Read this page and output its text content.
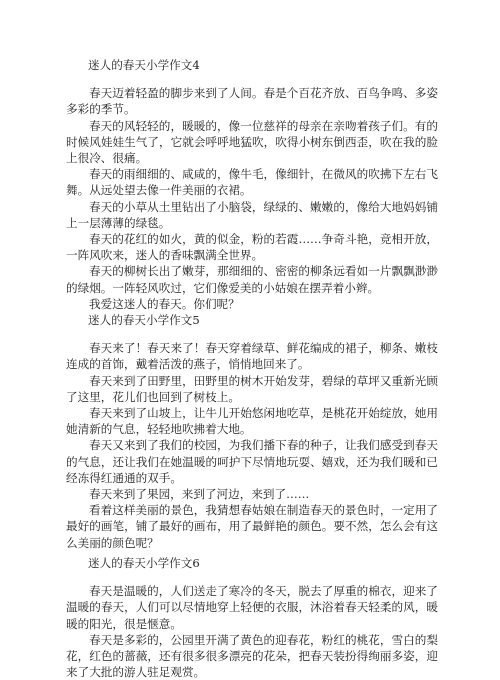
迷人的春天小学作文4

春天迈着轻盈的脚步来到了人间。春是个百花齐放、百鸟争鸣、多姿多彩的季节。

春天的风轻轻的，暖暖的，像一位慈祥的母亲在亲吻着孩子们。有的时候风娃娃生气了，它就会呼呼地猛吹，吹得小树东倒西歪，吹在我的脸上很冷、很痛。

春天的雨细细的、咸咸的，像牛毛，像细针，在微风的吹拂下左右飞舞。从远处望去像一件美丽的衣裙。

春天的小草从土里钻出了小脑袋，绿绿的、嫩嫩的，像给大地妈妈铺上一层薄薄的绿毯。

春天的花红的如火，黄的似金，粉的若霞……争奇斗艳，竞相开放，一阵风吹来，迷人的香味飘满全世界。

春天的柳树长出了嫩芽，那细细的、密密的柳条远看如一片飘飘渺渺的绿烟。一阵轻风吹过，它们像爱美的小姑娘在摆弄着小辫。

我爱这迷人的春天。你们呢？

迷人的春天小学作文5

春天来了！春天来了！春天穿着绿草、鲜花编成的裙子，柳条、嫩枝连成的首饰，戴着活泼的燕子，悄悄地回来了。

春天来到了田野里，田野里的树木开始发芽，碧绿的草坪又重新光顾了这里，花儿们也回到了树枝上。

春天来到了山坡上，让牛儿开始悠闲地吃草，是桃花开始绽放，她用她清新的气息，轻轻地吹拂着大地。

春天又来到了我们的校园，为我们播下春的种子，让我们感受到春天的气息，还让我们在她温暖的呵护下尽情地玩耍、嬉戏，还为我们暖和已经冻得红通通的双手。

春天来到了果园，来到了河边，来到了……

看着这样美丽的景色，我猜想春姑娘在制造春天的景色时，一定用了最好的画笔，铺了最好的画布，用了最鲜艳的颜色。要不然，怎么会有这么美丽的颜色呢？

迷人的春天小学作文6

春天是温暖的，人们送走了寒冷的冬天，脱去了厚重的棉衣，迎来了温暖的春天，人们可以尽情地穿上轻便的衣服，沐浴着春天轻柔的风，暖暖的阳光，很是惬意。

春天是多彩的，公园里开满了黄色的迎春花，粉红的桃花，雪白的梨花，红色的蔷薇，还有很多很多漂亮的花朵，把春天装扮得绚丽多姿，迎来了大批的游人驻足观赏。
